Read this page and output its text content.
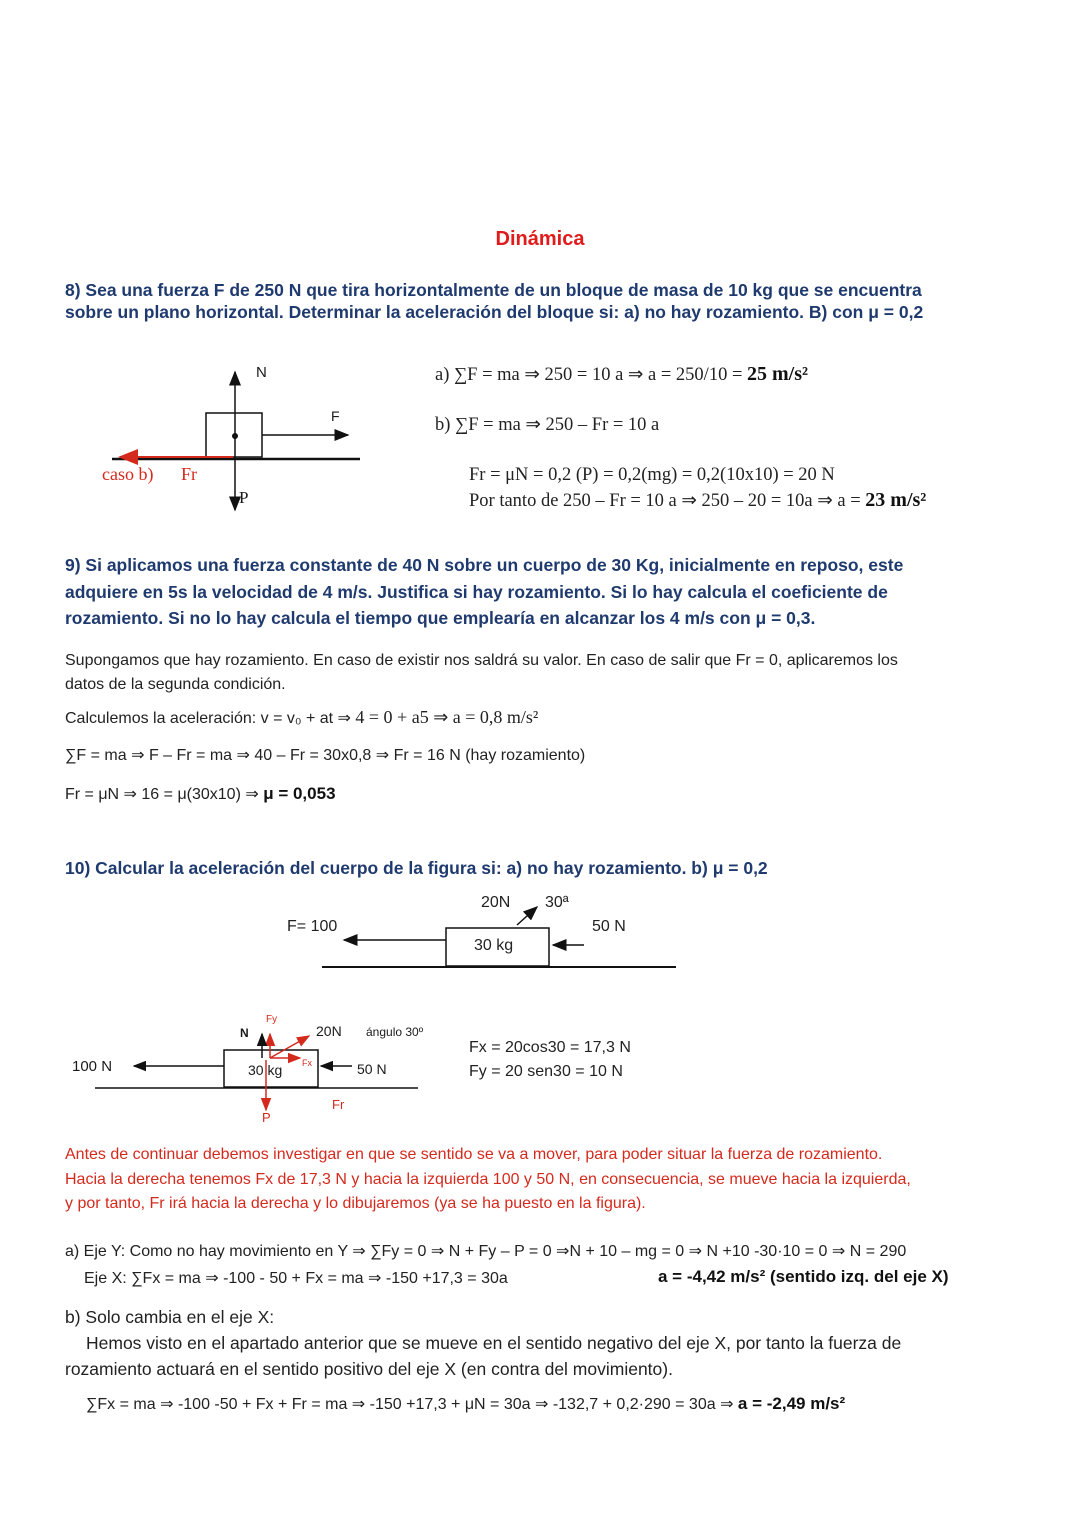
Dinámica
8) Sea una fuerza F de 250 N que tira horizontalmente de un bloque de masa de 10 kg que se encuentra
sobre un plano horizontal. Determinar la aceleración del bloque si: a) no hay rozamiento. B) con μ = 0,2
N
F
P
caso b) Fr
a) ∑F = ma ⇒ 250 = 10 a ⇒ a = 250/10 = 25 m/s²
b) ∑F = ma ⇒ 250 – Fr = 10 a
Fr = μN = 0,2 (P) = 0,2(mg) = 0,2(10x10) = 20 N
Por tanto de 250 – Fr = 10 a ⇒ 250 – 20 = 10a ⇒ a = 23 m/s²
9) Si aplicamos una fuerza constante de 40 N sobre un cuerpo de 30 Kg, inicialmente en reposo, este
adquiere en 5s la velocidad de 4 m/s. Justifica si hay rozamiento. Si lo hay calcula el coeficiente de
rozamiento. Si no lo hay calcula el tiempo que emplearía en alcanzar los 4 m/s con μ = 0,3.
Supongamos que hay rozamiento. En caso de existir nos saldrá su valor. En caso de salir que Fr = 0, aplicaremos los
datos de la segunda condición.
Calculemos la aceleración: v = v₀ + at ⇒ 4 = 0 + a5 ⇒ a = 0,8 m/s²
∑F = ma ⇒ F – Fr = ma ⇒ 40 – Fr = 30x0,8 ⇒ Fr = 16 N (hay rozamiento)
Fr = μN ⇒ 16 = μ(30x10) ⇒ μ = 0,053
10) Calcular la aceleración del cuerpo de la figura si: a) no hay rozamiento. b) μ = 0,2
20N 30ª
F= 100
30 kg
50 N
N
Fy
20N ángulo 30º
100 N	30 kg Fx	50 N
P
Fr
Fx = 20cos30 = 17,3 N
Fy = 20 sen30 = 10 N
Antes de continuar debemos investigar en que se sentido se va a mover, para poder situar la fuerza de rozamiento.
Hacia la derecha tenemos Fx de 17,3 N y hacia la izquierda 100 y 50 N, en consecuencia, se mueve hacia la izquierda,
y por tanto, Fr irá hacia la derecha y lo dibujaremos (ya se ha puesto en la figura).
a) Eje Y: Como no hay movimiento en Y ⇒ ∑Fy = 0 ⇒ N + Fy – P = 0 ⇒N + 10 – mg = 0 ⇒ N +10 -30·10 = 0 ⇒ N = 290
Eje X: ∑Fx = ma ⇒ -100 - 50 + Fx = ma ⇒ -150 +17,3 = 30a	a = -4,42 m/s² (sentido izq. del eje X)
b) Solo cambia en el eje X:
Hemos visto en el apartado anterior que se mueve en el sentido negativo del eje X, por tanto la fuerza de
rozamiento actuará en el sentido positivo del eje X (en contra del movimiento).
∑Fx = ma ⇒ -100 -50 + Fx + Fr = ma ⇒ -150 +17,3 + μN = 30a ⇒ -132,7 + 0,2·290 = 30a ⇒ a = -2,49 m/s²
